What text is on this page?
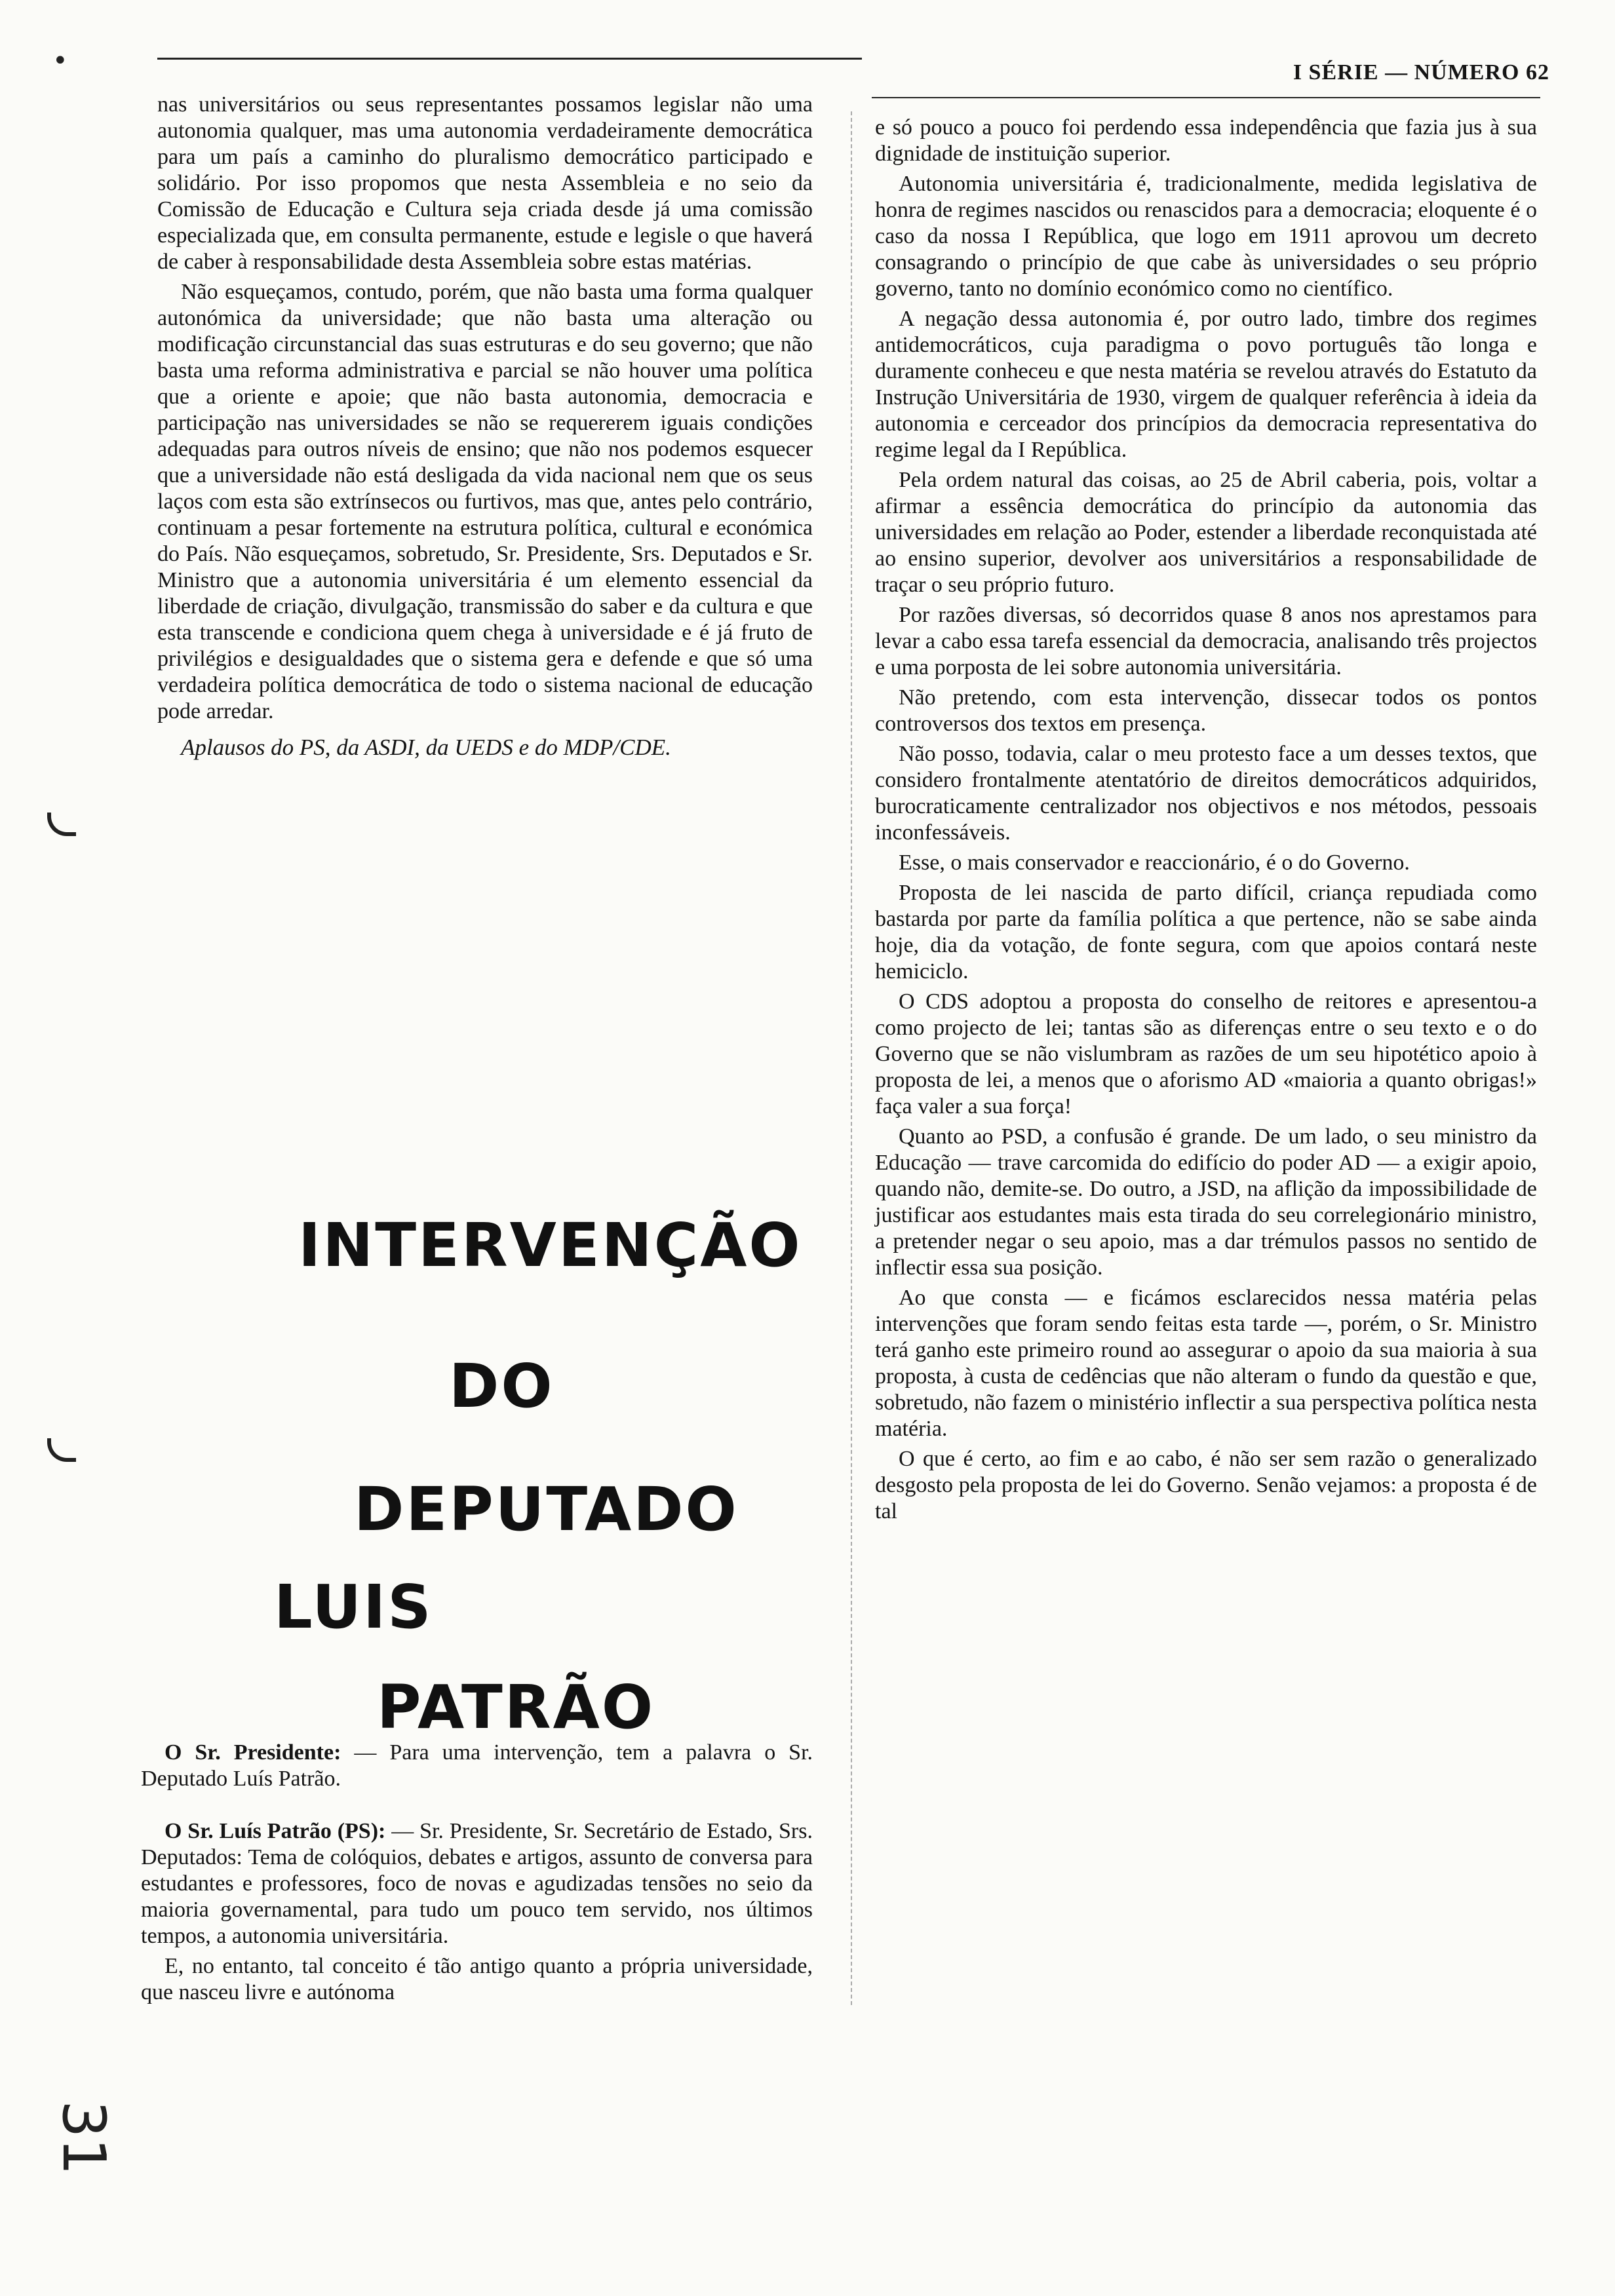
I SÉRIE — NÚMERO 62

nas universitários ou seus representantes possamos legislar não uma autonomia qualquer, mas uma autonomia verdadeiramente democrática para um país a caminho do pluralismo democrático participado e solidário. Por isso propomos que nesta Assembleia e no seio da Comissão de Educação e Cultura seja criada desde já uma comissão especializada que, em consulta permanente, estude e legisle o que haverá de caber à responsabilidade desta Assembleia sobre estas matérias.

Não esqueçamos, contudo, porém, que não basta uma forma qualquer autonómica da universidade; que não basta uma alteração ou modificação circunstancial das suas estruturas e do seu governo; que não basta uma reforma administrativa e parcial se não houver uma política que a oriente e apoie; que não basta autonomia, democracia e participação nas universidades se não se requererem iguais condições adequadas para outros níveis de ensino; que não nos podemos esquecer que a universidade não está desligada da vida nacional nem que os seus laços com esta são extrínsecos ou furtivos, mas que, antes pelo contrário, continuam a pesar fortemente na estrutura política, cultural e económica do País. Não esqueçamos, sobretudo, Sr. Presidente, Srs. Deputados e Sr. Ministro que a autonomia universitária é um elemento essencial da liberdade de criação, divulgação, transmissão do saber e da cultura e que esta transcende e condiciona quem chega à universidade e é já fruto de privilégios e desigualdades que o sistema gera e defende e que só uma verdadeira política democrática de todo o sistema nacional de educação pode arredar.

Aplausos do PS, da ASDI, da UEDS e do MDP/CDE.

INTERVENÇÃO
DO
DEPUTADO
LUIS
PATRÃO

O Sr. Presidente: — Para uma intervenção, tem a palavra o Sr. Deputado Luís Patrão.

O Sr. Luís Patrão (PS): — Sr. Presidente, Sr. Secretário de Estado, Srs. Deputados: Tema de colóquios, debates e artigos, assunto de conversa para estudantes e professores, foco de novas e agudizadas tensões no seio da maioria governamental, para tudo um pouco tem servido, nos últimos tempos, a autonomia universitária.

E, no entanto, tal conceito é tão antigo quanto a própria universidade, que nasceu livre e autónoma

e só pouco a pouco foi perdendo essa independência que fazia jus à sua dignidade de instituição superior.

Autonomia universitária é, tradicionalmente, medida legislativa de honra de regimes nascidos ou renascidos para a democracia; eloquente é o caso da nossa I República, que logo em 1911 aprovou um decreto consagrando o princípio de que cabe às universidades o seu próprio governo, tanto no domínio económico como no científico.

A negação dessa autonomia é, por outro lado, timbre dos regimes antidemocráticos, cuja paradigma o povo português tão longa e duramente conheceu e que nesta matéria se revelou através do Estatuto da Instrução Universitária de 1930, virgem de qualquer referência à ideia da autonomia e cerceador dos princípios da democracia representativa do regime legal da I República.

Pela ordem natural das coisas, ao 25 de Abril caberia, pois, voltar a afirmar a essência democrática do princípio da autonomia das universidades em relação ao Poder, estender a liberdade reconquistada até ao ensino superior, devolver aos universitários a responsabilidade de traçar o seu próprio futuro.

Por razões diversas, só decorridos quase 8 anos nos aprestamos para levar a cabo essa tarefa essencial da democracia, analisando três projectos e uma porposta de lei sobre autonomia universitária.

Não pretendo, com esta intervenção, dissecar todos os pontos controversos dos textos em presença.

Não posso, todavia, calar o meu protesto face a um desses textos, que considero frontalmente atentatório de direitos democráticos adquiridos, burocraticamente centralizador nos objectivos e nos métodos, pessoais inconfessáveis.

Esse, o mais conservador e reaccionário, é o do Governo.

Proposta de lei nascida de parto difícil, criança repudiada como bastarda por parte da família política a que pertence, não se sabe ainda hoje, dia da votação, de fonte segura, com que apoios contará neste hemiciclo.

O CDS adoptou a proposta do conselho de reitores e apresentou-a como projecto de lei; tantas são as diferenças entre o seu texto e o do Governo que se não vislumbram as razões de um seu hipotético apoio à proposta de lei, a menos que o aforismo AD «maioria a quanto obrigas!» faça valer a sua força!

Quanto ao PSD, a confusão é grande. De um lado, o seu ministro da Educação — trave carcomida do edifício do poder AD — a exigir apoio, quando não, demite-se. Do outro, a JSD, na aflição da impossibilidade de justificar aos estudantes mais esta tirada do seu correlegionário ministro, a pretender negar o seu apoio, mas a dar trémulos passos no sentido de inflectir essa sua posição.

Ao que consta — e ficámos esclarecidos nessa matéria pelas intervenções que foram sendo feitas esta tarde —, porém, o Sr. Ministro terá ganho este primeiro round ao assegurar o apoio da sua maioria à sua proposta, à custa de cedências que não alteram o fundo da questão e que, sobretudo, não fazem o ministério inflectir a sua perspectiva política nesta matéria.

O que é certo, ao fim e ao cabo, é não ser sem razão o generalizado desgosto pela proposta de lei do Governo. Senão vejamos: a proposta é de tal

•
31
